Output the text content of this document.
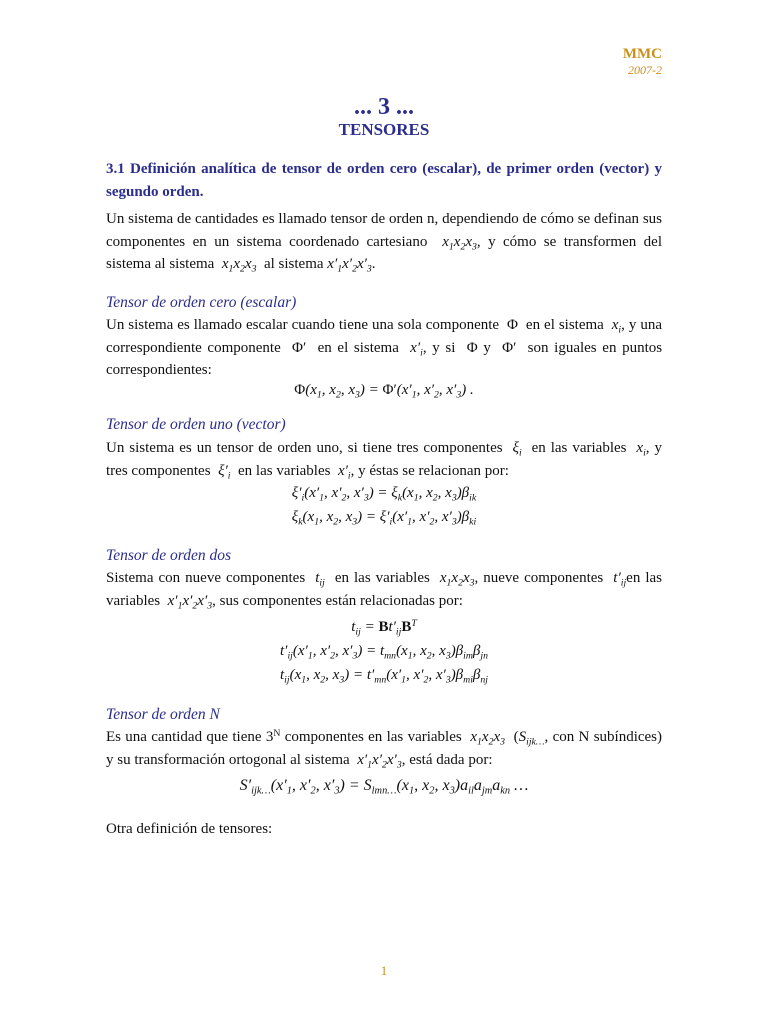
MMC
2007-2
... 3 ...
TENSORES
3.1 Definición analítica de tensor de orden cero (escalar), de primer orden (vector) y segundo orden.
Un sistema de cantidades es llamado tensor de orden n, dependiendo de cómo se definan sus componentes en un sistema coordenado cartesiano  $x_1x_2x_3$, y cómo se transformen del sistema al sistema  $x_1x_2x_3$ al sistema $x'_1x'_2x'_3$.
Tensor de orden cero (escalar)
Un sistema es llamado escalar cuando tiene una sola componente  Φ  en el sistema  $x_i$, y una correspondiente componente  Φ′  en el sistema  $x'_i$, y si  Φ y  Φ′  son iguales en puntos correspondientes:
$\Phi(x_1$, $x_2$, $x_3) = \Phi'(x'_1$, $x'_2$, $x'_3$) .
Tensor de orden uno (vector)
Un sistema es un tensor de orden uno, si tiene tres componentes  $\xi_i$ en las variables  $x_i$, y tres componentes  $\xi'_i$ en las variables  $x'_i$, y éstas se relacionan por:
$\xi'_i(x'_1$, $x'_2$, $x'_3) = \xi_k(x_1$, $x_2$, $x_3)\beta_{ik}$
$\xi_k(x_1$, $x_2$, $x_3) = \xi'_i(x'_1$, $x'_2$, $x'_3)\beta_{ki}$
Tensor de orden dos
Sistema con nueve componentes  $t_{ij}$ en las variables  $x_1x_2x_3$, nueve componentes  $t'_{ij}en$ las variables  $x'_1x'_2x'_3$, sus componentes están relacionadas por:
$t_{ij} = Bt'_{ij}B^T$
$t'_{ij}(x'_1$, $x'_2$, $x'_3) = t_{mn}(x_1$, $x_2$, $x_3)\beta_{im}\beta_{jn}$
$t_{ij}(x_1$, $x_2$, $x_3) = t'_{mn}(x'_1$, $x'_2$, $x'_3)\beta_{mi}\beta_{nj}$
Tensor de orden N
Es una cantidad que tiene $3^N$ componentes en las variables  $x_1x_2x_3$ ($S_{ijk\dots}$, con N subíndices) y su transformación ortogonal al sistema  $x'_1x'_2x'_3$, está dada por:
$S'_{ijk\dots}(x'_1$, $x'_2$, $x'_3) = S_{lmn\dots}(x_1$, $x_2$, $x_3)a_{il}a_{jm}a_{kn}$ …
Otra definición de tensores:
1
